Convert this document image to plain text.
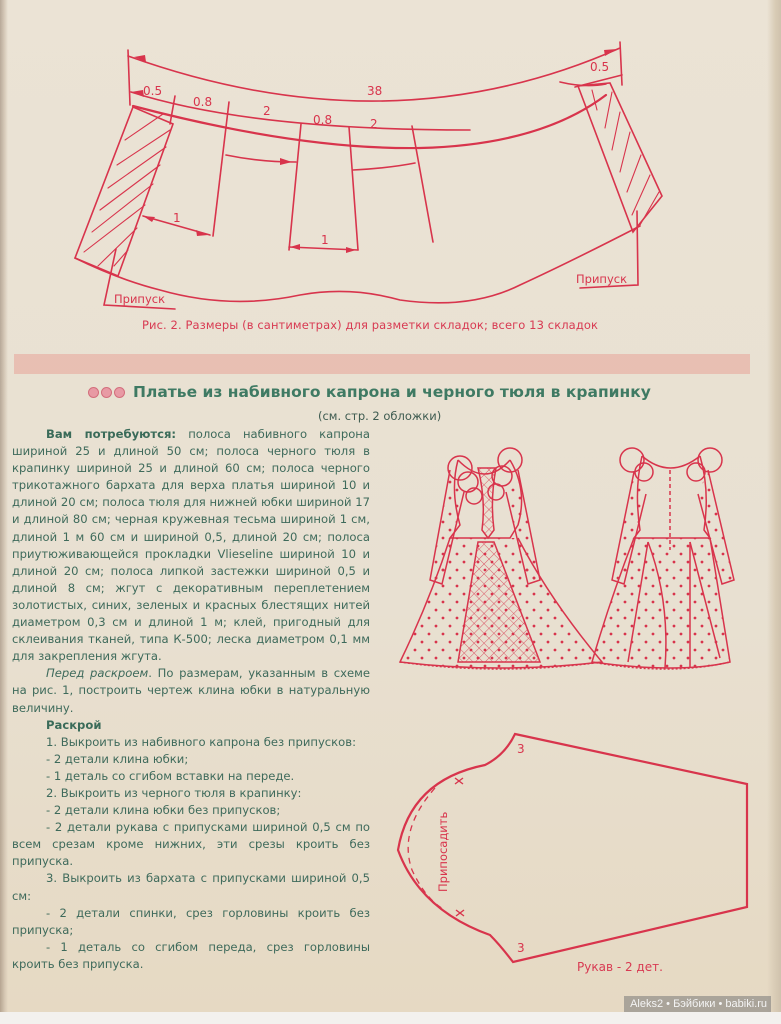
0.5
0.8
2
0.8	2
38
0.5
1
1
Припуск
Припуск
Рис. 2. Размеры (в сантиметрах) для разметки складок; всего 13 складок
Платье из набивного капрона и черного тюля в крапинку
(см. стр. 2 обложки)

Вам потребуются: полоса набивного капрона шириной 25 и длиной 50 см; полоса черного тюля в крапинку шириной 25 и длиной 60 см; полоса черного трикотажного бархата для верха платья шириной 10 и длиной 20 см; полоса тюля для нижней юбки шириной 17 и длиной 80 см; черная кружевная тесьма шириной 1 см, длиной 1 м 60 см и шириной 0,5, длиной 20 см; полоса приутюживающейся прокладки Vlieseline шириной 10 и длиной 20 см; полоса липкой застежки шириной 0,5 и длиной 8 см; жгут с декоративным переплетением золотистых, синих, зеленых и красных блестящих нитей диаметром 0,3 см и длиной 1 м; клей, пригодный для склеивания тканей, типа К-500; леска диаметром 0,1 мм для закрепления жгута.

Перед раскроем. По размерам, указанным в схеме на рис. 1, построить чертеж клина юбки в натуральную величину.

Раскрой

1. Выкроить из набивного капрона без припусков:

- 2 детали клина юбки;

- 1 деталь со сгибом вставки на переде.

2. Выкроить из черного тюля в крапинку:

- 2 детали клина юбки без припусков;

- 2 детали рукава с припусками шириной 0,5 см по всем срезам кроме нижних, эти срезы кроить без припуска.

3. Выкроить из бархата с припусками шириной 0,5 см:

- 2 детали спинки, срез горловины кроить без припуска;

- 1 деталь со сгибом переда, срез горловины кроить без припуска.

3
3
Припосадить
Рукав - 2 дет.
Aleks2 • Бэйбики • babiki.ru
